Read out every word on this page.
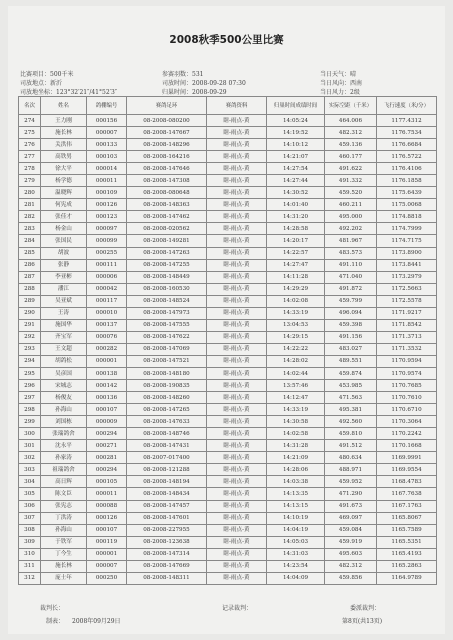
2008秋季500公里比赛
比赛项目：500千米	参赛羽数：531	当日天气：晴
司放地点：新沂	司放时间：2008-09-28 07:30	当日风向：西南
司放地坐标：123°32′21″/41°52′3″	归巢时间：2008-09-29	当日风力：2级
名次	姓名	鸽棚编号	赛鸽足环	赛鸽资料	归巢时间成绩时间	实际空距（千米）	飞行速度（米/分）
274	王力刚	000156	08-2008-080200	瞎-雨点-黄	14:05:24	464.006	1177.4312
275	施长林	000007	08-2008-147667	瞎-雨点-黄	14:19:52	482.312	1176.7534
276	关洪伟	000133	08-2008-148296	瞎-雨点-黄	14:10:12	459.136	1176.6684
277	高铁男	000103	08-2008-164216	瞎-雨点-黄	14:21:07	460.177	1176.5722
278	徐大平	000014	08-2008-147646	瞎-雨点-黄	14:27:54	491.622	1176.4106
279	杨学德	000011	08-2008-147308	瞎-雨点-黄	14:27:44	491.332	1176.1858
280	温晓辉	000109	08-2008-080648	瞎-雨点-黄	14:30:52	459.520	1175.6439
281	何宪成	000126	08-2008-148363	瞎-雨点-黄	14:01:40	460.211	1175.0068
282	张佳才	000123	08-2008-147462	瞎-雨点-黄	14:31:20	495.000	1174.8818
283	杨金山	000097	08-2008-020562	瞎-雨点-黄	14:28:58	492.202	1174.7999
284	张国民	000099	08-2008-149281	瞎-雨点-黄	14:20:17	481.967	1174.7175
285	胡波	000255	08-2008-147263	瞎-雨点-黄	14:22:57	483.573	1173.8900
286	张静	000111	08-2008-147255	瞎-雨点-黄	14:27:47	491.110	1173.8441
287	李亚彬	000006	08-2008-148449	瞎-雨点-黄	14:11:28	471.040	1173.2979
288	潘江	000042	08-2008-160530	瞎-雨点-黄	14:29:29	491.872	1172.5663
289	吴亚斌	000117	08-2008-148524	瞎-雨点-黄	14:02:08	459.799	1172.5578
290	王涛	000010	08-2008-147973	瞎-雨点-黄	14:33:19	496.094	1171.9217
291	施国华	000137	08-2008-147555	瞎-雨点-黄	13:04:53	459.398	1171.8542
292	齐宝军	000076	08-2008-147622	瞎-雨点-黄	14:29:15	491.156	1171.3713
293	王文超	000282	08-2008-147069	瞎-雨点-黄	14:22:22	483.027	1171.3532
294	胡鸽松	000001	08-2008-147521	瞎-雨点-黄	14:28:02	489.551	1170.9594
295	吴彦国	000138	08-2008-148180	瞎-雨点-黄	14:02:44	459.874	1170.9574
296	宋城志	000142	08-2008-190835	瞎-雨点-黄	13:57:46	453.985	1170.7685
297	杨俊友	000136	08-2008-148260	瞎-雨点-黄	14:12:47	471.563	1170.7610
298	孙海山	000107	08-2008-147265	瞎-雨点-黄	14:33:19	495.381	1170.6710
299	刘国栋	000009	08-2008-147633	瞎-雨点-黄	14:30:58	492.560	1170.3064
300	张瑞鸽舍	000294	08-2008-148746	瞎-雨点-黄	14:02:58	459.810	1170.2242
301	沈永平	000271	08-2008-147431	瞎-雨点-黄	14:31:28	491.512	1170.1668
302	孙家涛	000281	08-2007-017400	瞎-雨点-黄	14:21:09	480.634	1169.9991
303	祖瑞鸽舍	000294	08-2008-121288	瞎-雨点-黄	14:28:06	488.971	1169.9554
304	高日辉	000105	08-2008-148194	瞎-雨点-黄	14:03:38	459.952	1168.4783
305	陈文臣	000011	08-2008-148434	瞎-雨点-黄	14:13:35	471.290	1167.7638
306	张宪志	000088	08-2008-147457	瞎-雨点-黄	14:13:15	491.673	1167.1763
307	丁洪涛	000126	08-2008-147601	瞎-雨点-黄	14:10:19	469.097	1165.8067
308	孙海山	000107	08-2008-227955	瞎-雨点-黄	14:04:19	459.084	1165.7589
309	于铁军	000119	08-2008-123638	瞎-雨点-黄	14:05:03	459.919	1165.5351
310	丁今生	000001	08-2008-147314	瞎-雨点-黄	14:31:03	495.603	1165.4193
311	施长林	000007	08-2008-147669	瞎-雨点-黄	14:23:54	482.312	1165.2863
312	庞士年	000250	08-2008-148311	瞎-雨点-黄	14:04:09	459.856	1164.9789
裁判长：	记录裁判：	委派裁判：
制表： 2008年09月29日	第8页(共13页)
